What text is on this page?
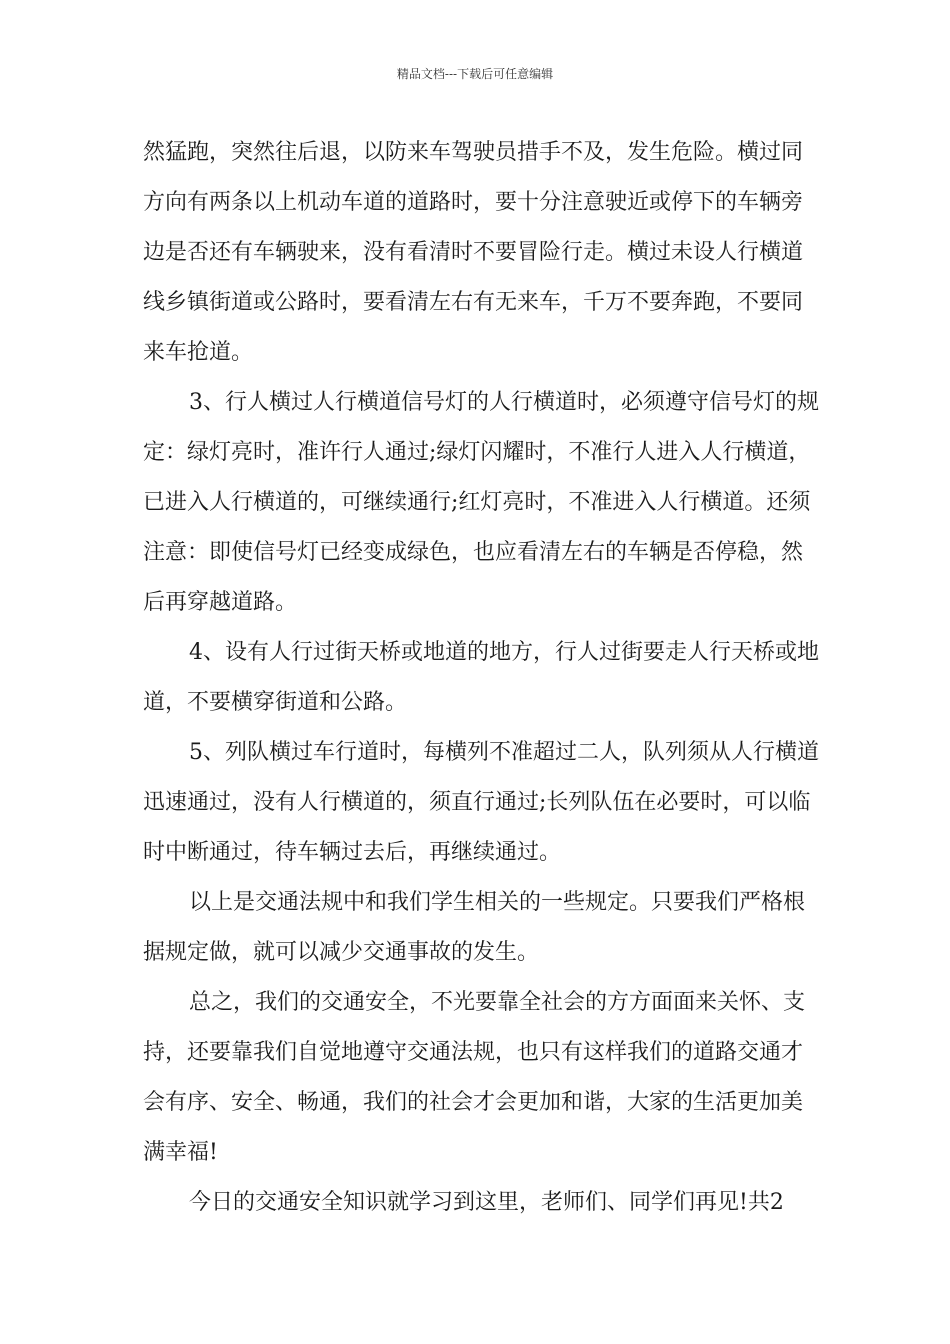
精品文档---下载后可任意编辑

然猛跑，突然往后退，以防来车驾驶员措手不及，发生危险。横过同方向有两条以上机动车道的道路时，要十分注意驶近或停下的车辆旁边是否还有车辆驶来，没有看清时不要冒险行走。横过未设人行横道线乡镇街道或公路时，要看清左右有无来车，千万不要奔跑，不要同来车抢道。

3、行人横过人行横道信号灯的人行横道时，必须遵守信号灯的规定：绿灯亮时，准许行人通过;绿灯闪耀时，不准行人进入人行横道，已进入人行横道的，可继续通行;红灯亮时，不准进入人行横道。还须注意：即使信号灯已经变成绿色，也应看清左右的车辆是否停稳，然后再穿越道路。

4、设有人行过街天桥或地道的地方，行人过街要走人行天桥或地道，不要横穿街道和公路。

5、列队横过车行道时，每横列不准超过二人，队列须从人行横道迅速通过，没有人行横道的，须直行通过;长列队伍在必要时，可以临时中断通过，待车辆过去后，再继续通过。

以上是交通法规中和我们学生相关的一些规定。只要我们严格根据规定做，就可以减少交通事故的发生。

总之，我们的交通安全，不光要靠全社会的方方面面来关怀、支持，还要靠我们自觉地遵守交通法规，也只有这样我们的道路交通才会有序、安全、畅通，我们的社会才会更加和谐，大家的生活更加美满幸福!

今日的交通安全知识就学习到这里，老师们、同学们再见!共2
